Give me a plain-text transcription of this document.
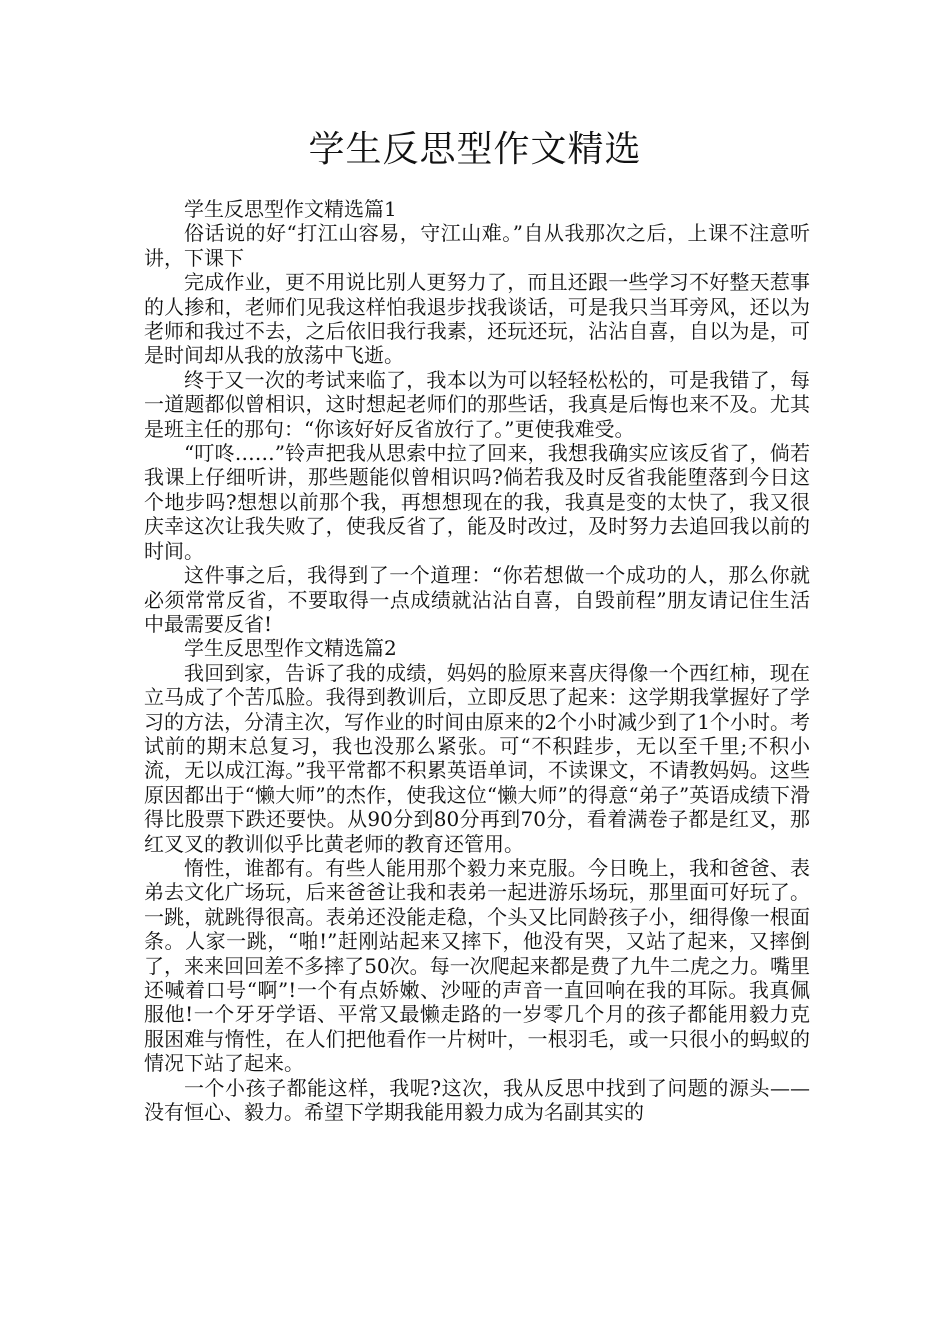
学生反思型作文精选

学生反思型作文精选篇1

俗话说的好“打江山容易，守江山难。”自从我那次之后，上课不注意听讲，下课下

完成作业，更不用说比别人更努力了，而且还跟一些学习不好整天惹事的人掺和，老师们见我这样怕我退步找我谈话，可是我只当耳旁风，还以为老师和我过不去，之后依旧我行我素，还玩还玩，沾沾自喜，自以为是，可是时间却从我的放荡中飞逝。

终于又一次的考试来临了，我本以为可以轻轻松松的，可是我错了，每一道题都似曾相识，这时想起老师们的那些话，我真是后悔也来不及。尤其是班主任的那句：“你该好好反省放行了。”更使我难受。

“叮咚……”铃声把我从思索中拉了回来，我想我确实应该反省了，倘若我课上仔细听讲，那些题能似曾相识吗?倘若我及时反省我能堕落到今日这个地步吗?想想以前那个我，再想想现在的我，我真是变的太快了，我又很庆幸这次让我失败了，使我反省了，能及时改过，及时努力去追回我以前的时间。

这件事之后，我得到了一个道理：“你若想做一个成功的人，那么你就必须常常反省，不要取得一点成绩就沾沾自喜，自毁前程”朋友请记住生活中最需要反省!

学生反思型作文精选篇2

我回到家，告诉了我的成绩，妈妈的脸原来喜庆得像一个西红柿，现在立马成了个苦瓜脸。我得到教训后，立即反思了起来：这学期我掌握好了学习的方法，分清主次，写作业的时间由原来的2个小时减少到了1个小时。考试前的期末总复习，我也没那么紧张。可“不积跬步，无以至千里;不积小流，无以成江海。”我平常都不积累英语单词，不读课文，不请教妈妈。这些原因都出于“懒大师”的杰作，使我这位“懒大师”的得意“弟子”英语成绩下滑得比股票下跌还要快。从90分到80分再到70分，看着满卷子都是红叉，那红叉叉的教训似乎比黄老师的教育还管用。

惰性，谁都有。有些人能用那个毅力来克服。今日晚上，我和爸爸、表弟去文化广场玩，后来爸爸让我和表弟一起进游乐场玩，那里面可好玩了。一跳，就跳得很高。表弟还没能走稳，个头又比同龄孩子小，细得像一根面条。人家一跳，“啪!”赶刚站起来又摔下，他没有哭，又站了起来，又摔倒了，来来回回差不多摔了50次。每一次爬起来都是费了九牛二虎之力。嘴里还喊着口号“啊”!一个有点娇嫩、沙哑的声音一直回响在我的耳际。我真佩服他!一个牙牙学语、平常又最懒走路的一岁零几个月的孩子都能用毅力克服困难与惰性，在人们把他看作一片树叶，一根羽毛，或一只很小的蚂蚁的情况下站了起来。

一个小孩子都能这样，我呢?这次，我从反思中找到了问题的源头——没有恒心、毅力。希望下学期我能用毅力成为名副其实的
